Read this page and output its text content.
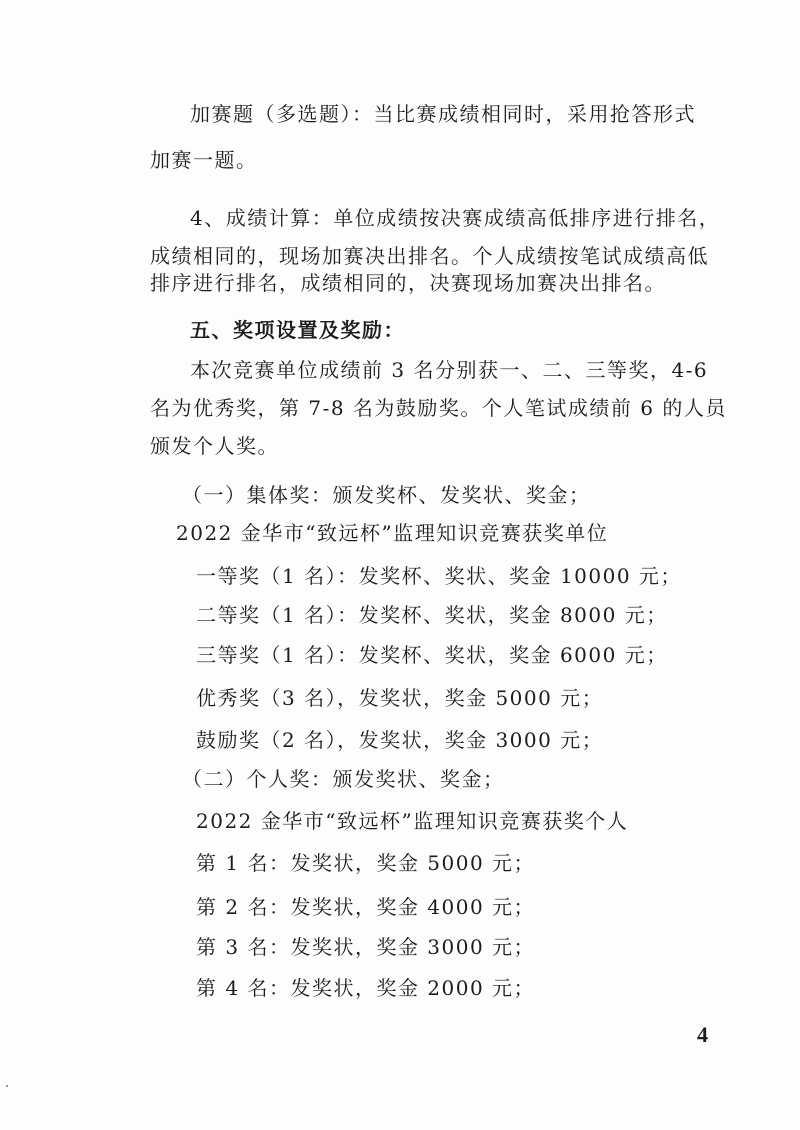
加赛题（多选题）：当比赛成绩相同时，采用抢答形式
加赛一题。
4、成绩计算：单位成绩按决赛成绩高低排序进行排名，
成绩相同的，现场加赛决出排名。个人成绩按笔试成绩高低
排序进行排名，成绩相同的，决赛现场加赛决出排名。
五、奖项设置及奖励：
本次竞赛单位成绩前 3 名分别获一、二、三等奖，4-6
名为优秀奖，第 7-8 名为鼓励奖。个人笔试成绩前 6 的人员
颁发个人奖。
（一）集体奖：颁发奖杯、发奖状、奖金；
2022 金华市“致远杯”监理知识竞赛获奖单位
一等奖（1 名）：发奖杯、奖状、奖金 10000 元；
二等奖（1 名）：发奖杯、奖状，奖金 8000 元；
三等奖（1 名）：发奖杯、奖状，奖金 6000 元；
优秀奖（3 名），发奖状，奖金 5000 元；
鼓励奖（2 名），发奖状，奖金 3000 元；
（二）个人奖：颁发奖状、奖金；
2022 金华市“致远杯”监理知识竞赛获奖个人
第 1 名：发奖状，奖金 5000 元；
第 2 名：发奖状，奖金 4000 元；
第 3 名：发奖状，奖金 3000 元；
第 4 名：发奖状，奖金 2000 元；
4
